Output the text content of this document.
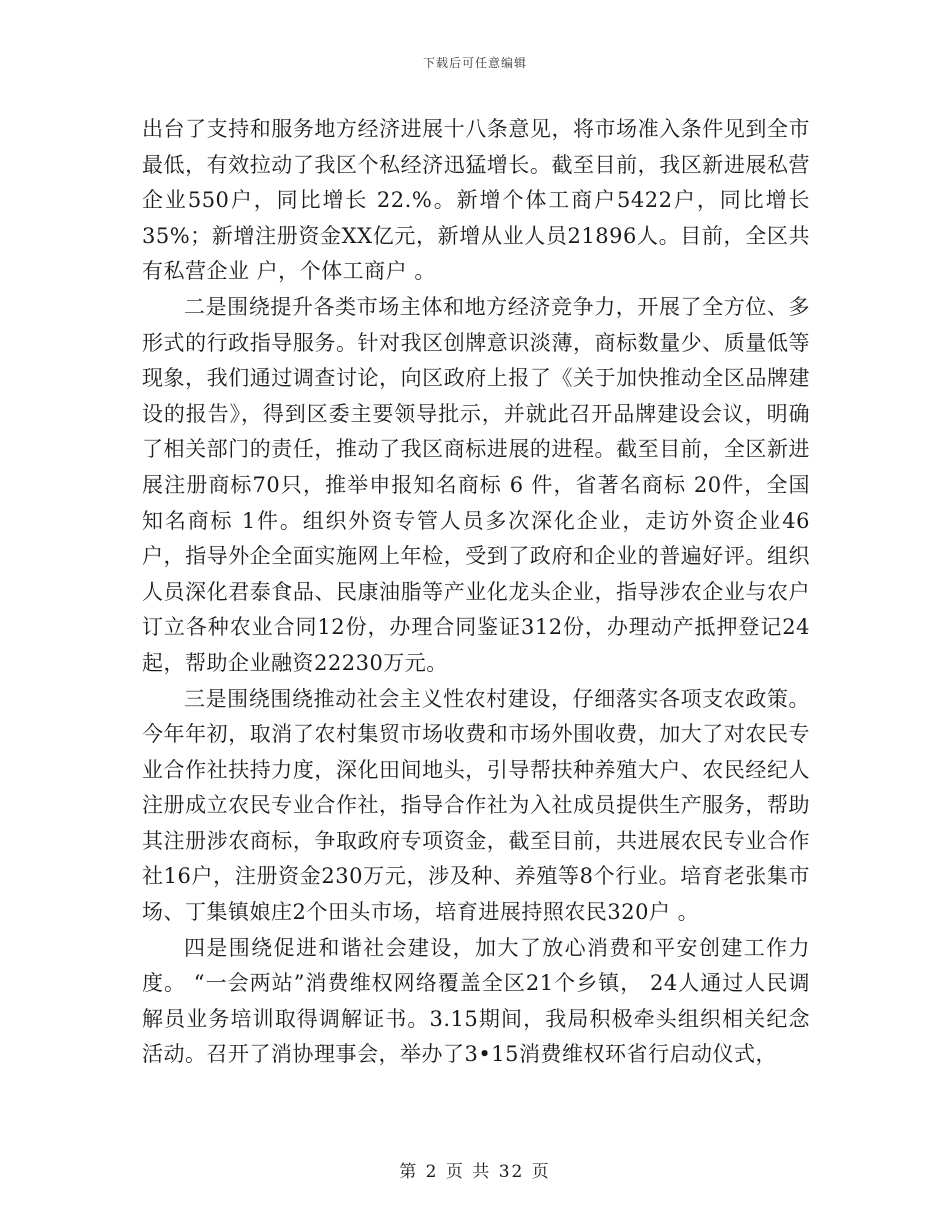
下载后可任意编辑

出台了支持和服务地方经济进展十八条意见，将市场准入条件见到全市最低，有效拉动了我区个私经济迅猛增长。截至目前，我区新进展私营企业550户，同比增长 22.%。新增个体工商户5422户，同比增长35%；新增注册资金XX亿元，新增从业人员21896人。目前，全区共有私营企业 户，个体工商户 。

二是围绕提升各类市场主体和地方经济竞争力，开展了全方位、多形式的行政指导服务。针对我区创牌意识淡薄，商标数量少、质量低等现象，我们通过调查讨论，向区政府上报了《关于加快推动全区品牌建设的报告》，得到区委主要领导批示，并就此召开品牌建设会议，明确了相关部门的责任，推动了我区商标进展的进程。截至目前，全区新进展注册商标70只，推举申报知名商标 6 件，省著名商标 20件，全国知名商标 1件。组织外资专管人员多次深化企业，走访外资企业46户，指导外企全面实施网上年检，受到了政府和企业的普遍好评。组织人员深化君泰食品、民康油脂等产业化龙头企业，指导涉农企业与农户订立各种农业合同12份，办理合同鉴证312份，办理动产抵押登记24起，帮助企业融资22230万元。

三是围绕围绕推动社会主义性农村建设，仔细落实各项支农政策。今年年初，取消了农村集贸市场收费和市场外围收费，加大了对农民专业合作社扶持力度，深化田间地头，引导帮扶种养殖大户、农民经纪人注册成立农民专业合作社，指导合作社为入社成员提供生产服务，帮助其注册涉农商标，争取政府专项资金，截至目前，共进展农民专业合作社16户，注册资金230万元，涉及种、养殖等8个行业。培育老张集市场、丁集镇娘庄2个田头市场，培育进展持照农民320户 。

四是围绕促进和谐社会建设，加大了放心消费和平安创建工作力度。 “一会两站”消费维权网络覆盖全区21个乡镇， 24人通过人民调解员业务培训取得调解证书。3.15期间，我局积极牵头组织相关纪念活动。召开了消协理事会，举办了3•15消费维权环省行启动仪式，

第 2 页 共 32 页
